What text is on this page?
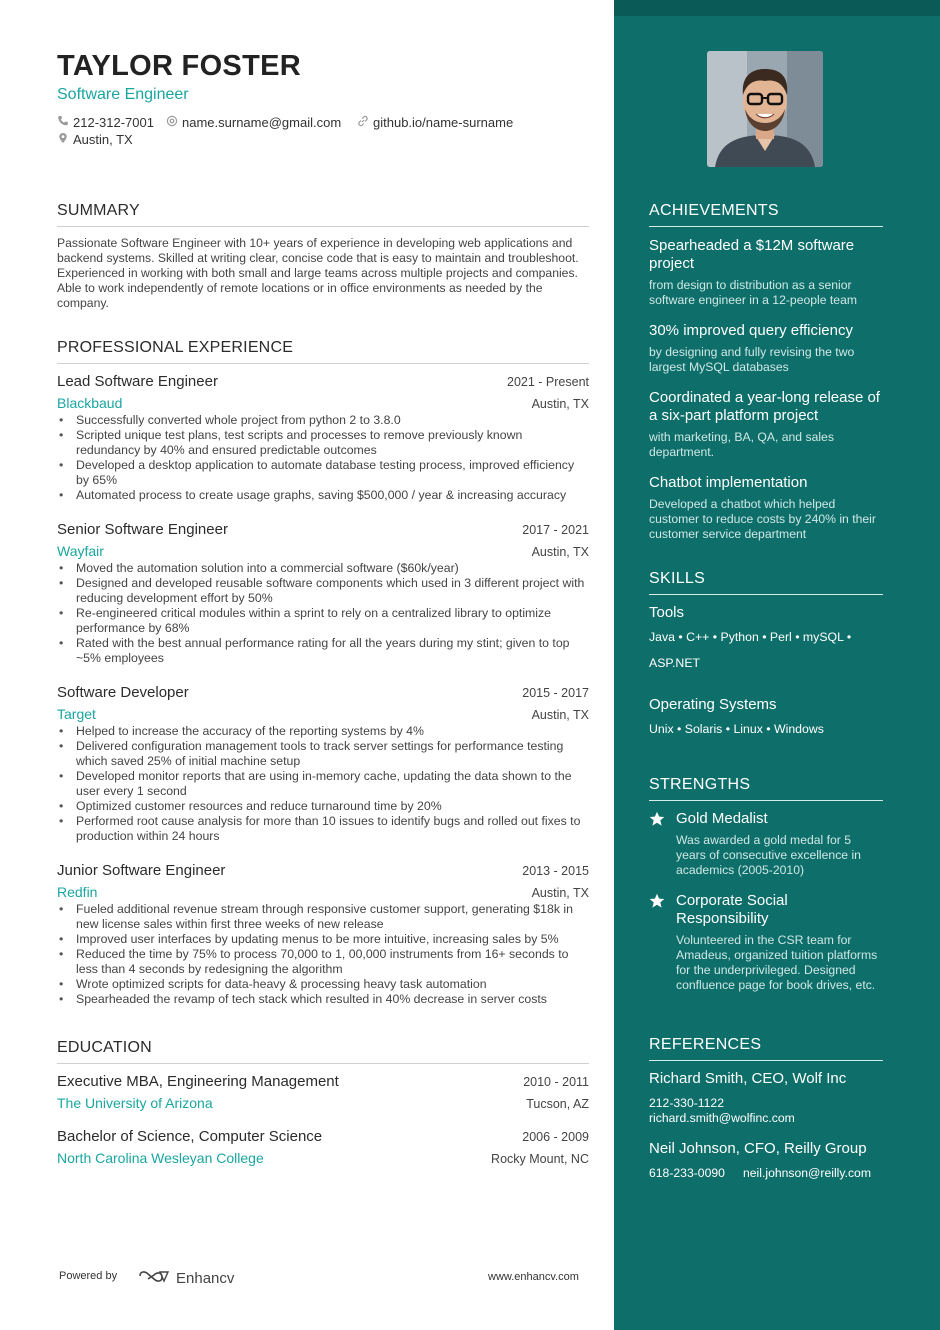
TAYLOR FOSTER
Software Engineer
212-312-7001 name.surname@gmail.com github.io/name-surname
Austin, TX
SUMMARY
Passionate Software Engineer with 10+ years of experience in developing web applications and backend systems. Skilled at writing clear, concise code that is easy to maintain and troubleshoot. Experienced in working with both small and large teams across multiple projects and companies. Able to work independently of remote locations or in office environments as needed by the company.
PROFESSIONAL EXPERIENCE
Lead Software Engineer	2021 - Present
Blackbaud	Austin, TX
• Successfully converted whole project from python 2 to 3.8.0
• Scripted unique test plans, test scripts and processes to remove previously known redundancy by 40% and ensured predictable outcomes
• Developed a desktop application to automate database testing process, improved efficiency by 65%
• Automated process to create usage graphs, saving $500,000 / year & increasing accuracy
Senior Software Engineer	2017 - 2021
Wayfair	Austin, TX
• Moved the automation solution into a commercial software ($60k/year)
• Designed and developed reusable software components which used in 3 different project with reducing development effort by 50%
• Re-engineered critical modules within a sprint to rely on a centralized library to optimize performance by 68%
• Rated with the best annual performance rating for all the years during my stint; given to top ~5% employees
Software Developer	2015 - 2017
Target	Austin, TX
• Helped to increase the accuracy of the reporting systems by 4%
• Delivered configuration management tools to track server settings for performance testing which saved 25% of initial machine setup
• Developed monitor reports that are using in-memory cache, updating the data shown to the user every 1 second
• Optimized customer resources and reduce turnaround time by 20%
• Performed root cause analysis for more than 10 issues to identify bugs and rolled out fixes to production within 24 hours
Junior Software Engineer	2013 - 2015
Redfin	Austin, TX
• Fueled additional revenue stream through responsive customer support, generating $18k in new license sales within first three weeks of new release
• Improved user interfaces by updating menus to be more intuitive, increasing sales by 5%
• Reduced the time by 75% to process 70,000 to 1, 00,000 instruments from 16+ seconds to less than 4 seconds by redesigning the algorithm
• Wrote optimized scripts for data-heavy & processing heavy task automation
• Spearheaded the revamp of tech stack which resulted in 40% decrease in server costs
EDUCATION
Executive MBA, Engineering Management	2010 - 2011
The University of Arizona	Tucson, AZ
Bachelor of Science, Computer Science	2006 - 2009
North Carolina Wesleyan College	Rocky Mount, NC
Powered by	Enhancv	www.enhancv.com
ACHIEVEMENTS
Spearheaded a $12M software project
from design to distribution as a senior software engineer in a 12-people team
30% improved query efficiency
by designing and fully revising the two largest MySQL databases
Coordinated a year-long release of a six-part platform project
with marketing, BA, QA, and sales department.
Chatbot implementation
Developed a chatbot which helped customer to reduce costs by 240% in their customer service department
SKILLS
Tools
Java • C++ • Python • Perl • mySQL •
ASP.NET
Operating Systems
Unix • Solaris • Linux • Windows
STRENGTHS
Gold Medalist
Was awarded a gold medal for 5 years of consecutive excellence in academics (2005-2010)
Corporate Social Responsibility
Volunteered in the CSR team for Amadeus, organized tuition platforms for the underprivileged. Designed confluence page for book drives, etc.
REFERENCES
Richard Smith, CEO, Wolf Inc
212-330-1122
richard.smith@wolfinc.com
Neil Johnson, CFO, Reilly Group
618-233-0090	neil.johnson@reilly.com
